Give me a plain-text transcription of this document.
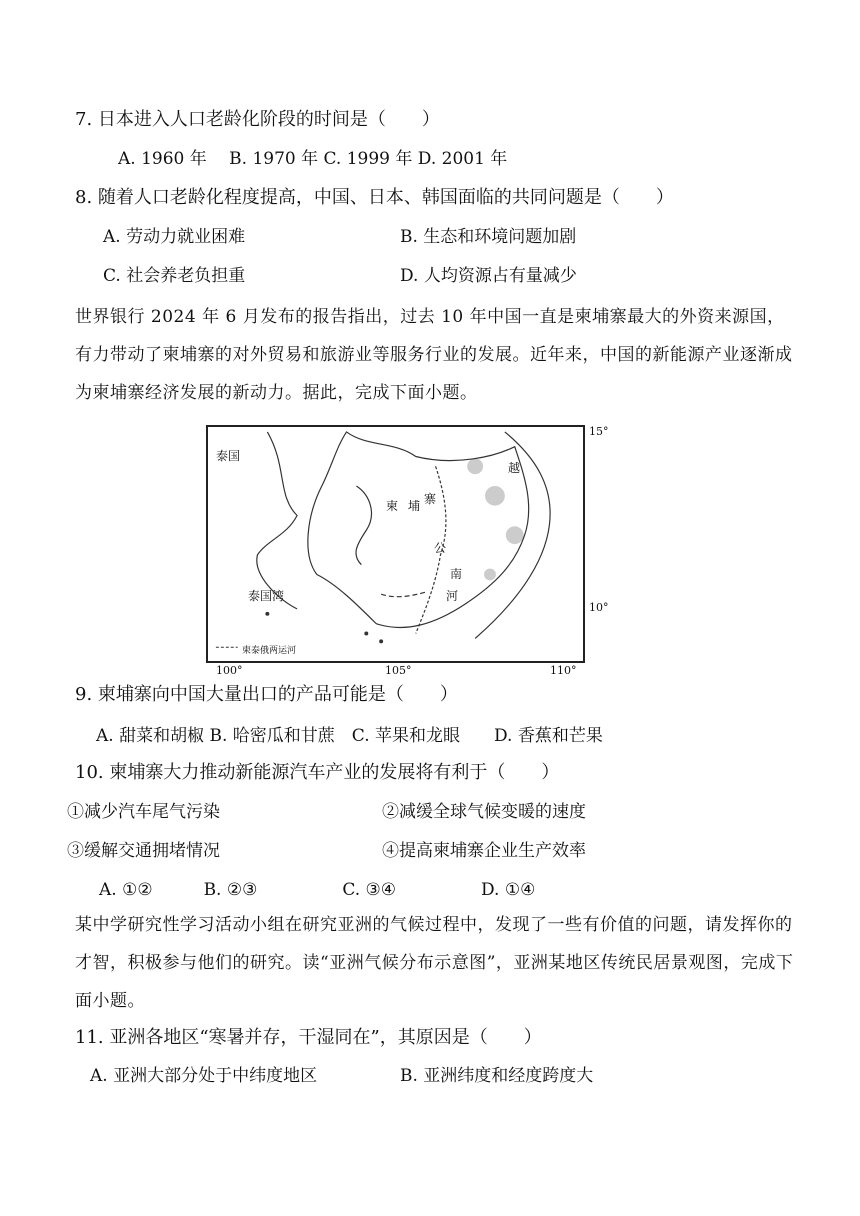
7. 日本进入人口老龄化阶段的时间是（　　）
A. 1960 年　 B. 1970 年 C. 1999 年 D. 2001 年
8. 随着人口老龄化程度提高，中国、日本、韩国面临的共同问题是（　　）
A. 劳动力就业困难	B. 生态和环境问题加剧
C. 社会养老负担重	D. 人均资源占有量减少
世界银行 2024 年 6 月发布的报告指出，过去 10 年中国一直是柬埔寨最大的外资来源国，有力带动了柬埔寨的对外贸易和旅游业等服务行业的发展。近年来，中国的新能源产业逐渐成为柬埔寨经济发展的新动力。据此，完成下面小题。
泰国
柬 埔 寨
越
南
公
河
泰国湾
柬泰俄两运河
15°
10°
100°	105°	110°
9. 柬埔寨向中国大量出口的产品可能是（　　）
A. 甜菜和胡椒 B. 哈密瓜和甘蔗　C. 苹果和龙眼　　D. 香蕉和芒果
10. 柬埔寨大力推动新能源汽车产业的发展将有利于（　　）
①减少汽车尾气污染	②减缓全球气候变暖的速度
③缓解交通拥堵情况	④提高柬埔寨企业生产效率
A. ①②　　　B. ②③　　　　　C. ③④　　　　　D. ①④
某中学研究性学习活动小组在研究亚洲的气候过程中，发现了一些有价值的问题，请发挥你的才智，积极参与他们的研究。读“亚洲气候分布示意图”，亚洲某地区传统民居景观图，完成下面小题。
11. 亚洲各地区“寒暑并存，干湿同在”，其原因是（　　）
A. 亚洲大部分处于中纬度地区	B. 亚洲纬度和经度跨度大
